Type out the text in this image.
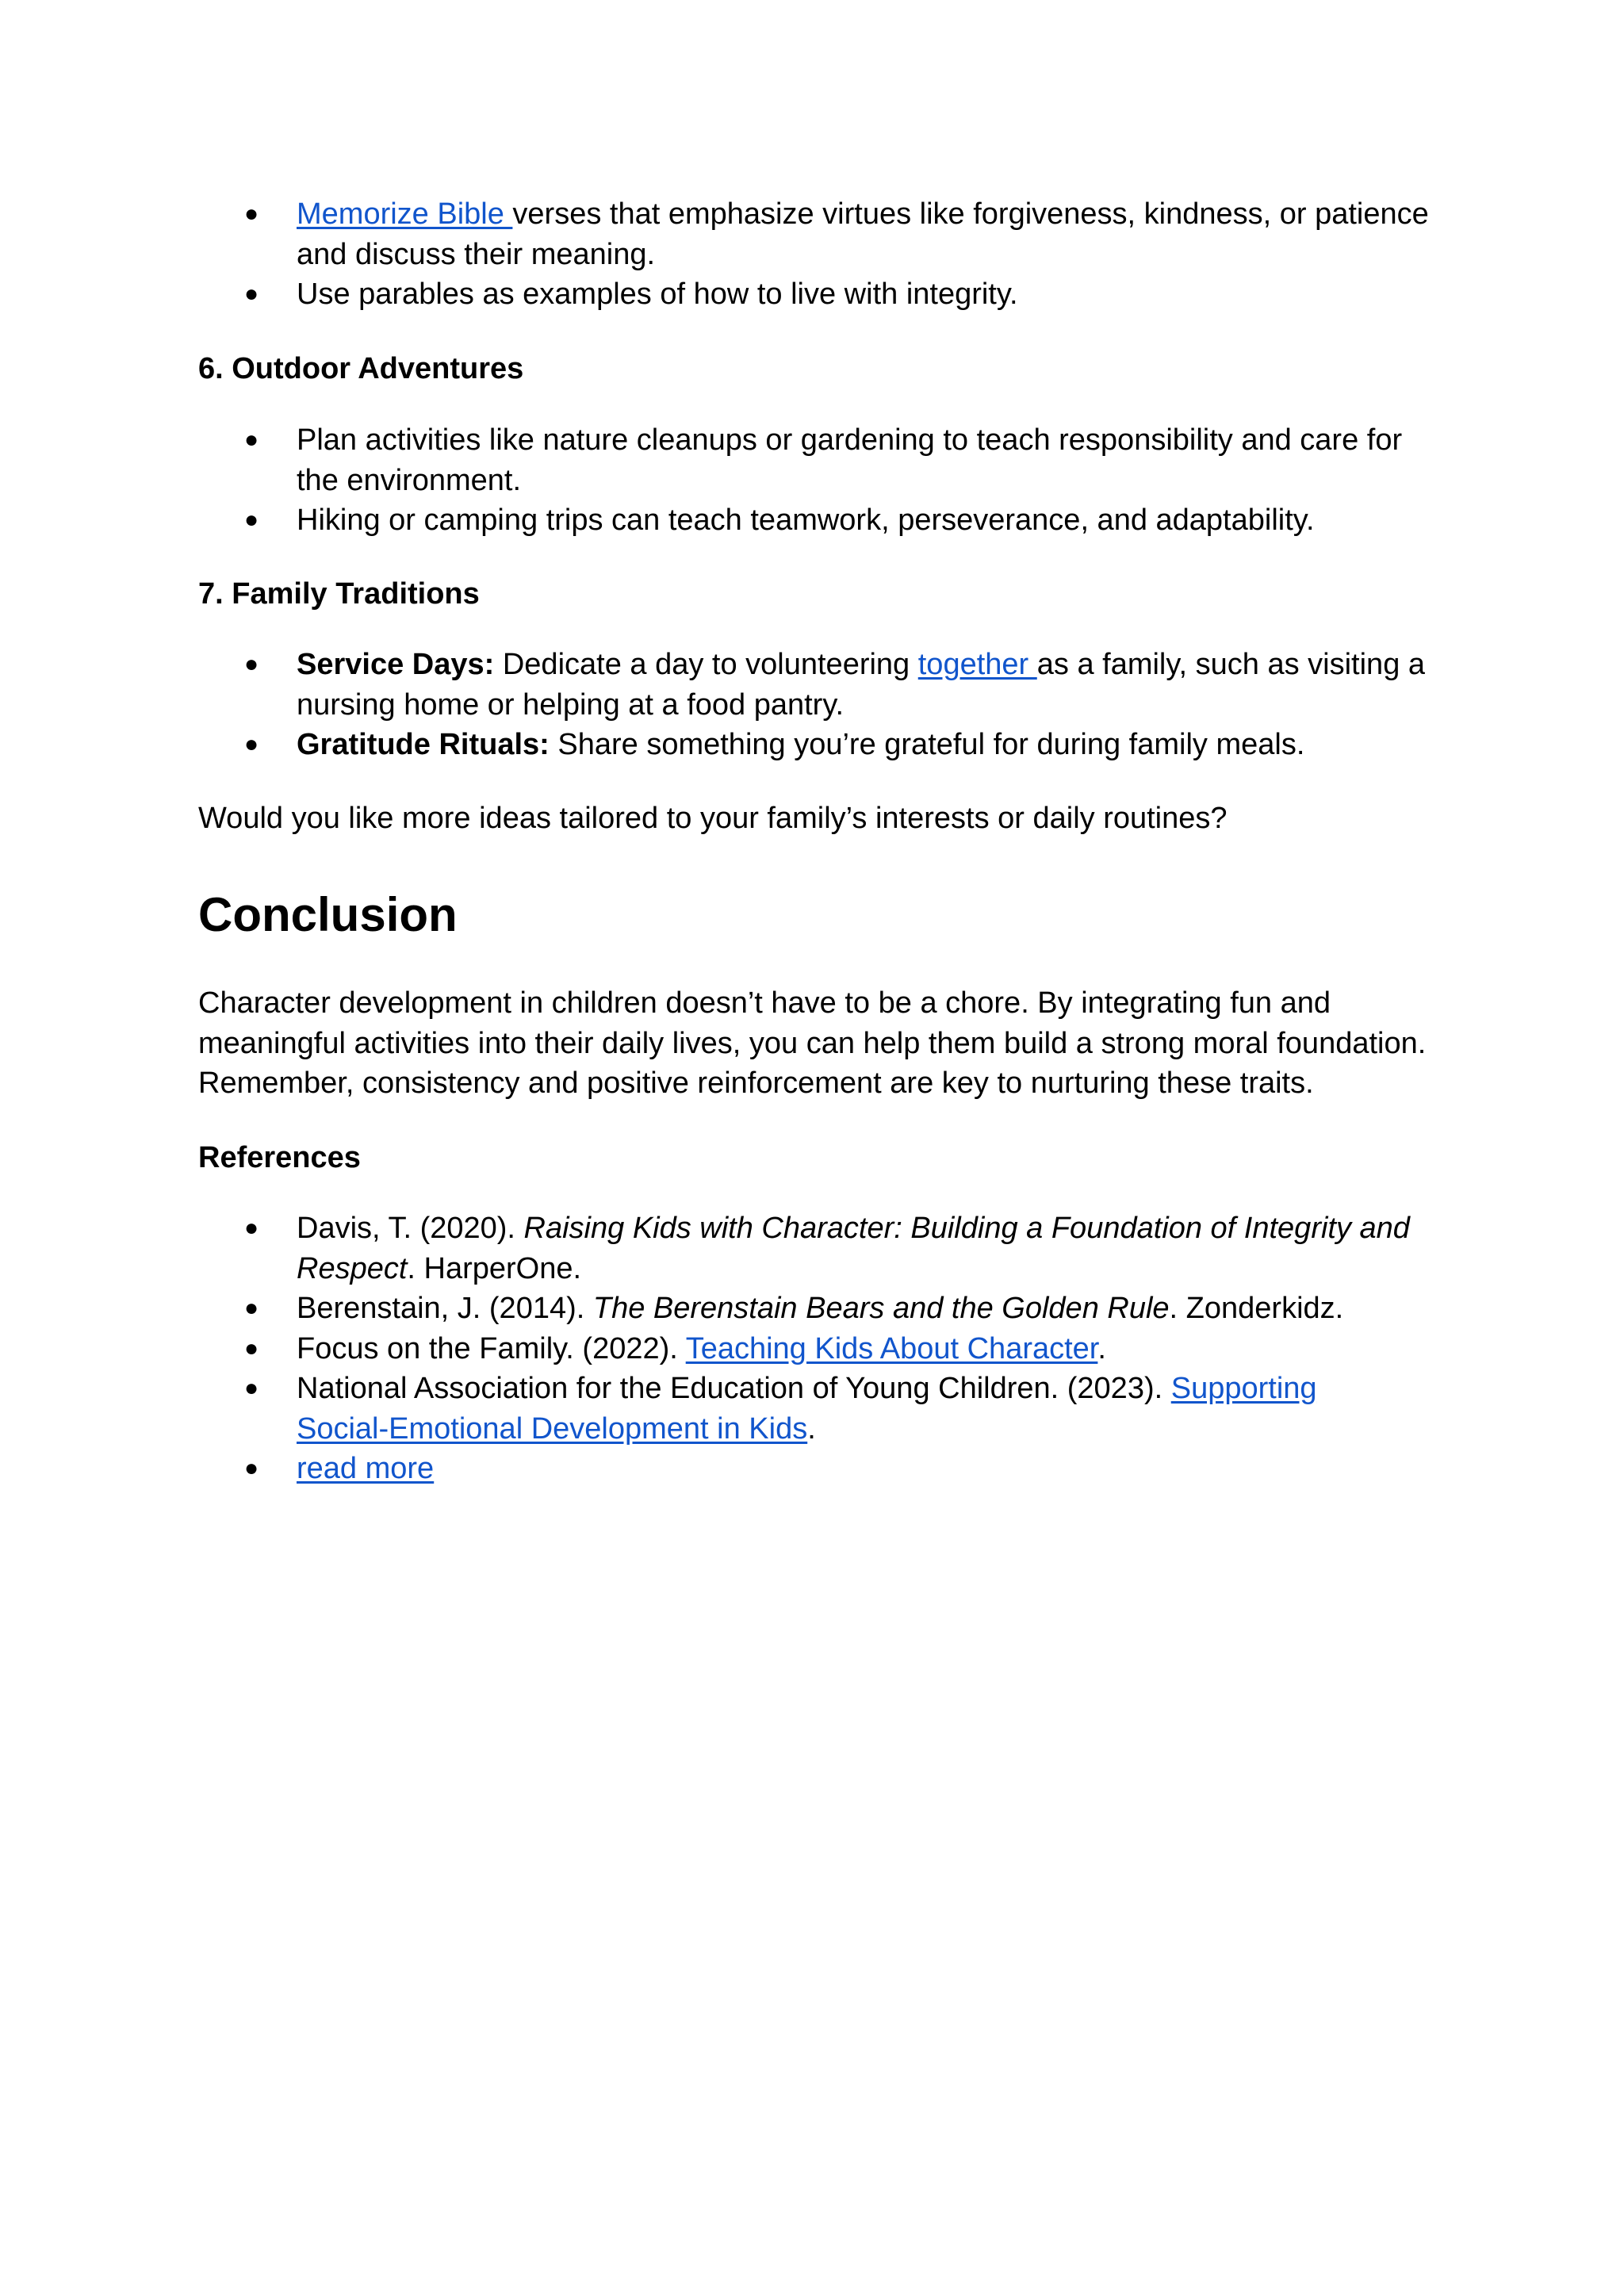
● Memorize Bible verses that emphasize virtues like forgiveness, kindness, or patience
and discuss their meaning.
● Use parables as examples of how to live with integrity.
6. Outdoor Adventures
● Plan activities like nature cleanups or gardening to teach responsibility and care for
the environment.
● Hiking or camping trips can teach teamwork, perseverance, and adaptability.
7. Family Traditions
● Service Days: Dedicate a day to volunteering together as a family, such as visiting a
nursing home or helping at a food pantry.
● Gratitude Rituals: Share something you’re grateful for during family meals.

Would you like more ideas tailored to your family’s interests or daily routines?

Conclusion

Character development in children doesn’t have to be a chore. By integrating fun and
meaningful activities into their daily lives, you can help them build a strong moral foundation.
Remember, consistency and positive reinforcement are key to nurturing these traits.

References
● Davis, T. (2020). Raising Kids with Character: Building a Foundation of Integrity and
Respect. HarperOne.
● Berenstain, J. (2014). The Berenstain Bears and the Golden Rule. Zonderkidz.
● Focus on the Family. (2022). Teaching Kids About Character.
● National Association for the Education of Young Children. (2023). Supporting
Social-Emotional Development in Kids.
● read more
